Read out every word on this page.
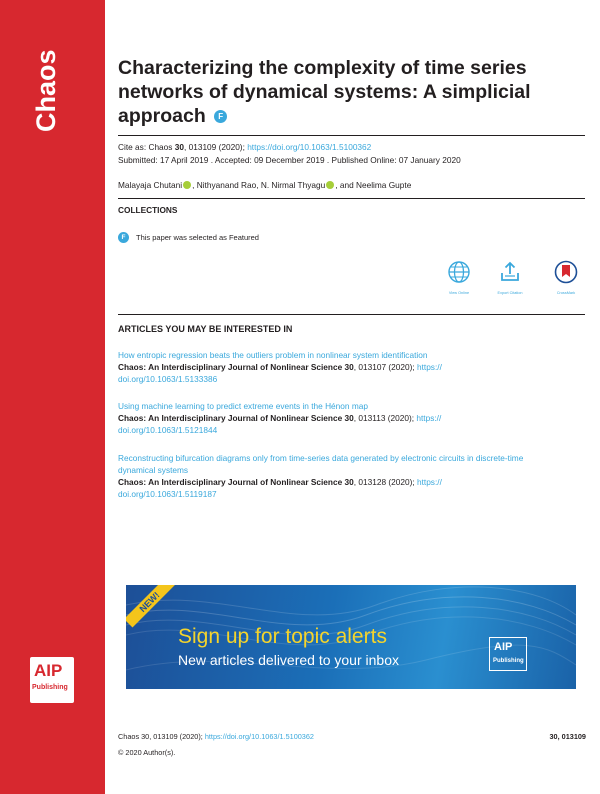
Chaos
AIP
Publishing
Characterizing the complexity of time series networks of dynamical systems: A simplicial approach F
Cite as: Chaos 30, 013109 (2020); https://doi.org/10.1063/1.5100362
Submitted: 17 April 2019 . Accepted: 09 December 2019 . Published Online: 07 January 2020
Malayaja Chutani , Nithyanand Rao, N. Nirmal Thyagu , and Neelima Gupte
COLLECTIONS
F	This paper was selected as Featured
View Online	Export Citation	CrossMark
ARTICLES YOU MAY BE INTERESTED IN
How entropic regression beats the outliers problem in nonlinear system identification
Chaos: An Interdisciplinary Journal of Nonlinear Science 30, 013107 (2020); https://
doi.org/10.1063/1.5133386
Using machine learning to predict extreme events in the Hénon map
Chaos: An Interdisciplinary Journal of Nonlinear Science 30, 013113 (2020); https://
doi.org/10.1063/1.5121844
Reconstructing bifurcation diagrams only from time-series data generated by electronic circuits in discrete-time dynamical systems
Chaos: An Interdisciplinary Journal of Nonlinear Science 30, 013128 (2020); https://
doi.org/10.1063/1.5119187
NEW!
Sign up for topic alerts
New articles delivered to your inbox
AIP
Publishing
Chaos 30, 013109 (2020); https://doi.org/10.1063/1.5100362	30, 013109
© 2020 Author(s).
